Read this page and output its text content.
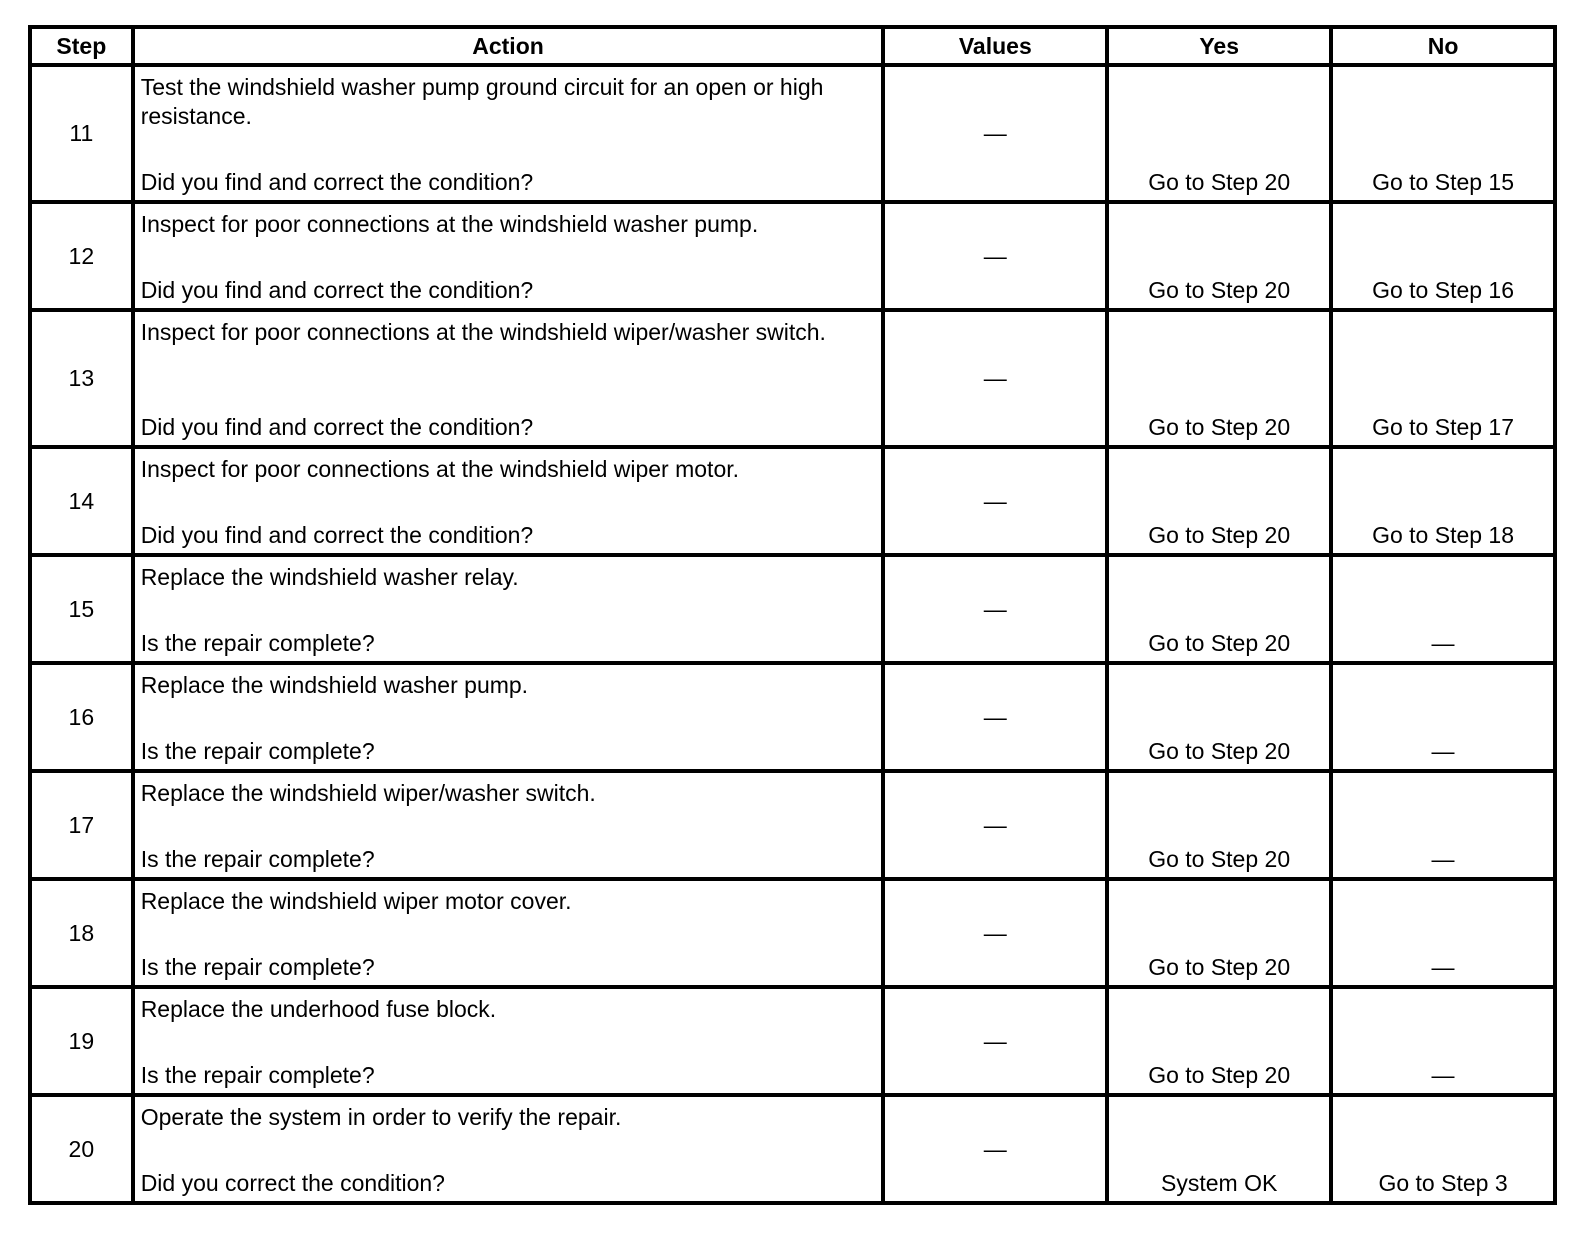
Step	Action	Values	Yes	No
11	Test the windshield washer pump ground circuit for an open or high resistance.
Did you find and correct the condition?	—	Go to Step 20	Go to Step 15

12	Inspect for poor connections at the windshield washer pump.
Did you find and correct the condition?	—	Go to Step 20	Go to Step 16

13	Inspect for poor connections at the windshield wiper/washer switch.
Did you find and correct the condition?	—	Go to Step 20	Go to Step 17

14	Inspect for poor connections at the windshield wiper motor.
Did you find and correct the condition?	—	Go to Step 20	Go to Step 18

15	Replace the windshield washer relay.
Is the repair complete?	—	Go to Step 20	—

16	Replace the windshield washer pump.
Is the repair complete?	—	Go to Step 20	—

17	Replace the windshield wiper/washer switch.
Is the repair complete?	—	Go to Step 20	—

18	Replace the windshield wiper motor cover.
Is the repair complete?	—	Go to Step 20	—

19	Replace the underhood fuse block.
Is the repair complete?	—	Go to Step 20	—

20	Operate the system in order to verify the repair.
Did you correct the condition?	—	System OK	Go to Step 3
